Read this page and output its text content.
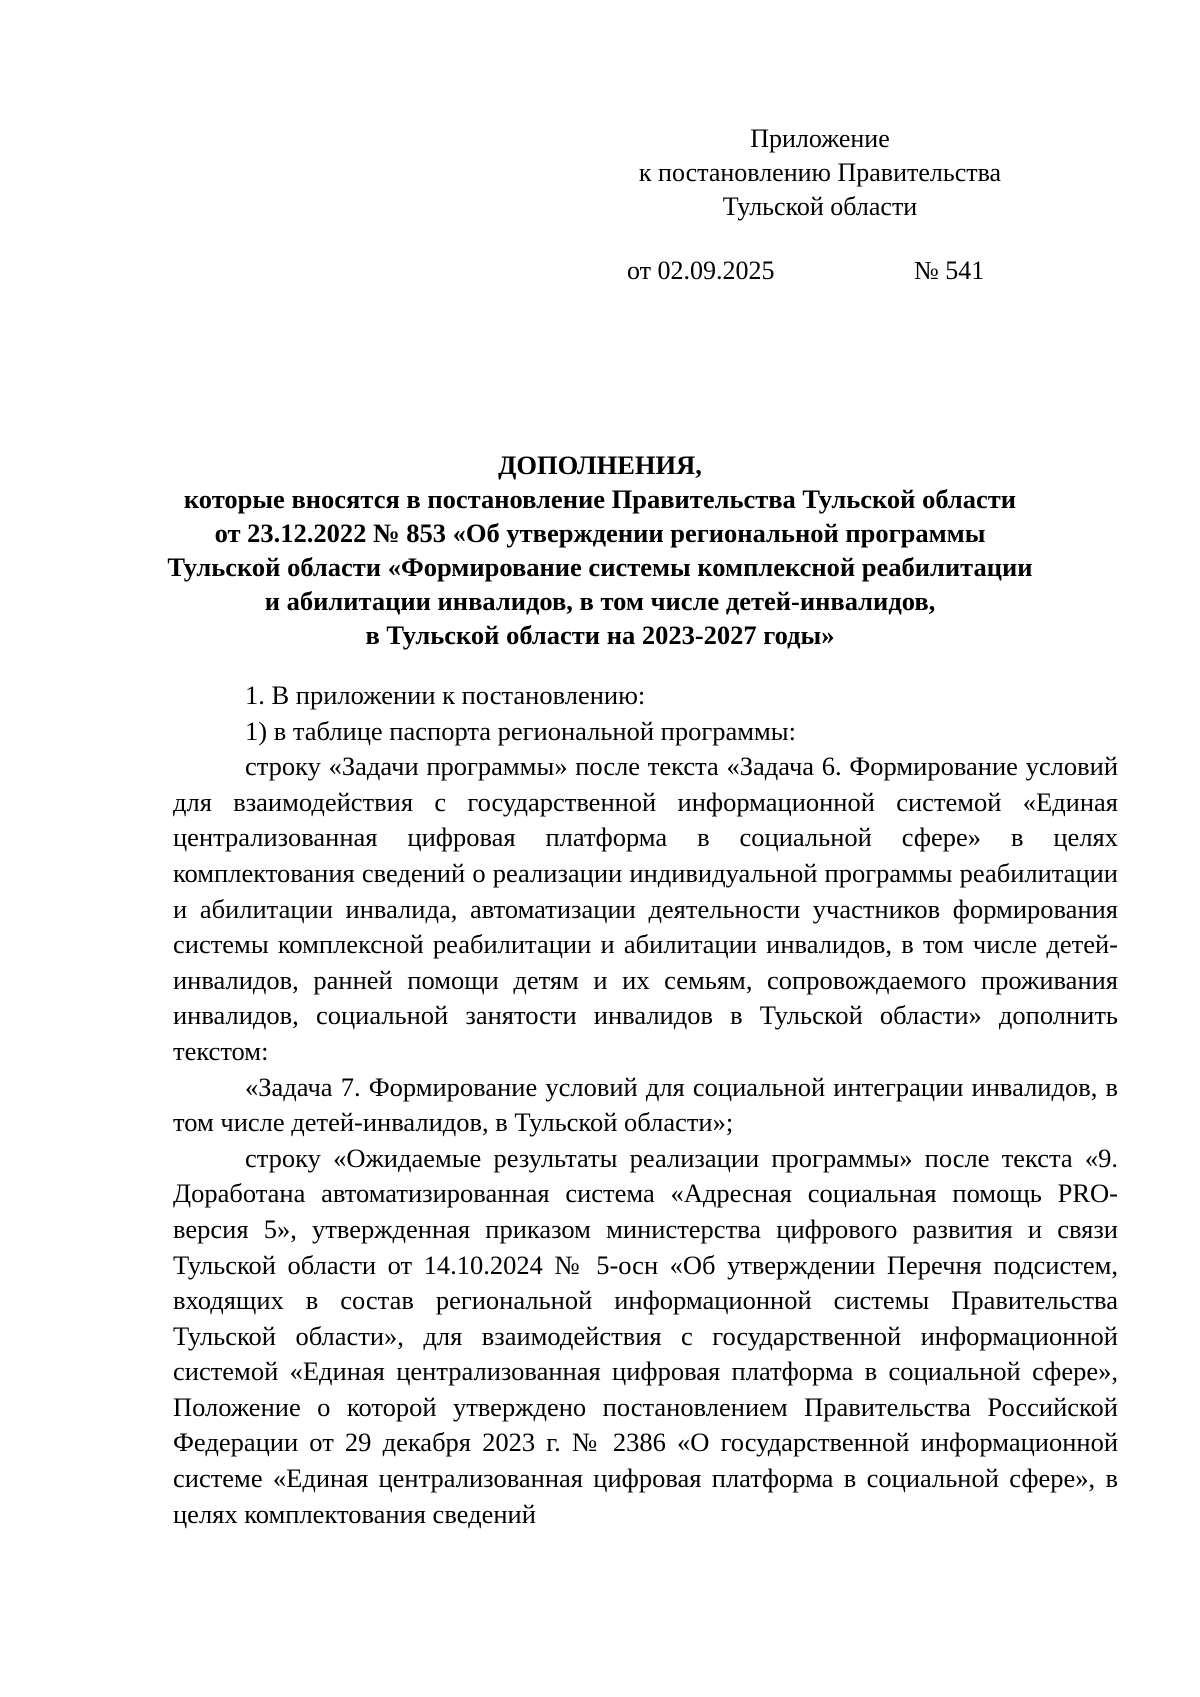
Приложение
к постановлению Правительства
Тульской области
от 02.09.2025	№ 541
ДОПОЛНЕНИЯ,
которые вносятся в постановление Правительства Тульской области
от 23.12.2022 № 853 «Об утверждении региональной программы
Тульской области «Формирование системы комплексной реабилитации
и абилитации инвалидов, в том числе детей-инвалидов,
в Тульской области на 2023-2027 годы»

1. В приложении к постановлению:

1) в таблице паспорта региональной программы:

строку «Задачи программы» после текста «Задача 6. Формирование условий для взаимодействия с государственной информационной системой «Единая централизованная цифровая платформа в социальной сфере» в целях комплектования сведений о реализации индивидуальной программы реабилитации и абилитации инвалида, автоматизации деятельности участников формирования системы комплексной реабилитации и абилитации инвалидов, в том числе детей-инвалидов, ранней помощи детям и их семьям, сопровождаемого проживания инвалидов, социальной занятости инвалидов в Тульской области» дополнить текстом:

«Задача 7. Формирование условий для социальной интеграции инвалидов, в том числе детей-инвалидов, в Тульской области»;

строку «Ожидаемые результаты реализации программы» после текста «9. Доработана автоматизированная система «Адресная социальная помощь PRO-версия 5», утвержденная приказом министерства цифрового развития и связи Тульской области от 14.10.2024 № 5-осн «Об утверждении Перечня подсистем, входящих в состав региональной информационной системы Правительства Тульской области», для взаимодействия с государственной информационной системой «Единая централизованная цифровая платформа в социальной сфере», Положение о которой утверждено постановлением Правительства Российской Федерации от 29 декабря 2023 г. № 2386 «О государственной информационной системе «Единая централизованная цифровая платформа в социальной сфере», в целях комплектования сведений
